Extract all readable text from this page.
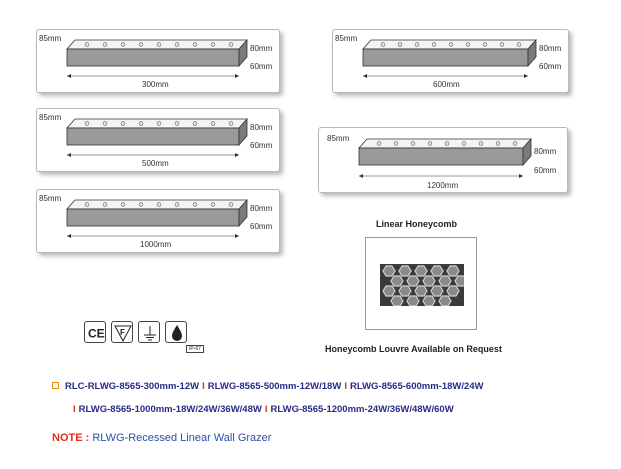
300mm
85mm
80mm
60mm
600mm
85mm
80mm
60mm
500mm
85mm
80mm
60mm
1200mm
85mm
80mm
60mm
1000mm
85mm
80mm
60mm	Linear Honeycomb
Honeycomb Louvre Available on Request
CE F
IP-67
RLC-RLWG-8565-300mm-12W I RLWG-8565-500mm-12W/18W I RLWG-8565-600mm-18W/24W
I RLWG-8565-1000mm-18W/24W/36W/48W I RLWG-8565-1200mm-24W/36W/48W/60W
NOTE : RLWG-Recessed Linear Wall Grazer
